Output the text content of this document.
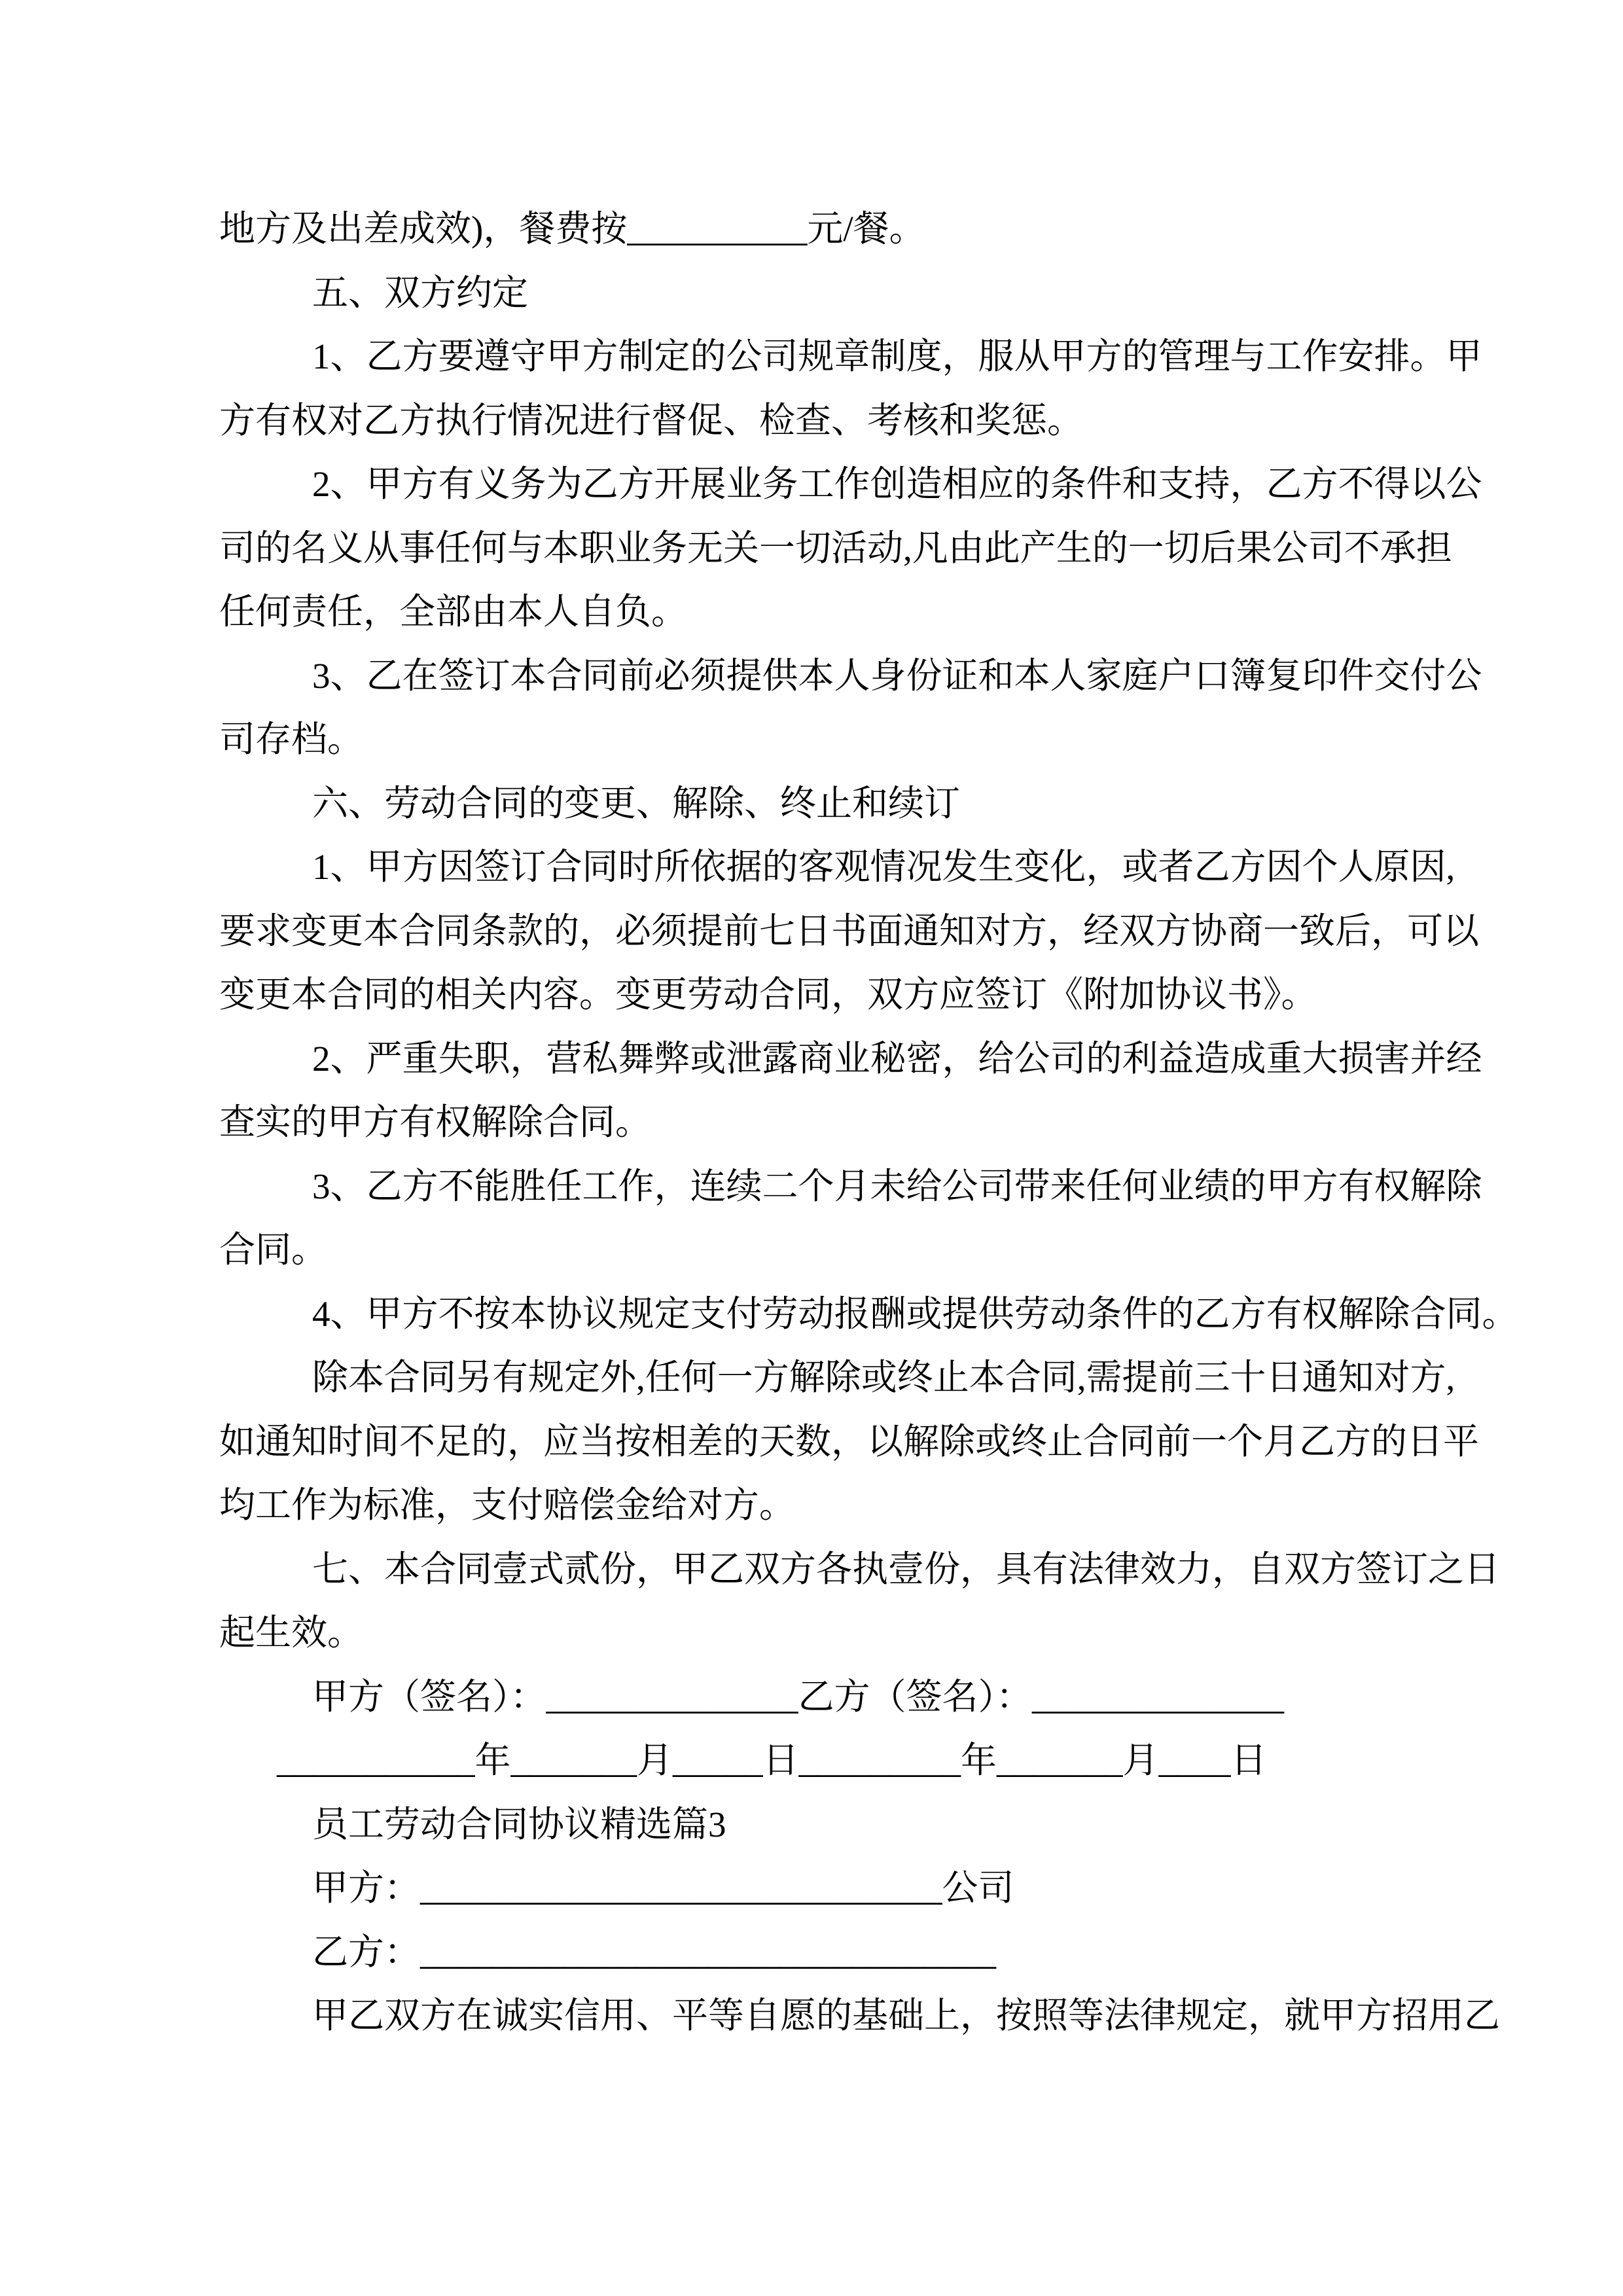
地方及出差成效)，餐费按__________元/餐。
五、双方约定
1、乙方要遵守甲方制定的公司规章制度，服从甲方的管理与工作安排。甲
方有权对乙方执行情况进行督促、检查、考核和奖惩。
2、甲方有义务为乙方开展业务工作创造相应的条件和支持，乙方不得以公
司的名义从事任何与本职业务无关一切活动,凡由此产生的一切后果公司不承担
任何责任，全部由本人自负。
3、乙在签订本合同前必须提供本人身份证和本人家庭户口簿复印件交付公
司存档。
六、劳动合同的变更、解除、终止和续订
1、甲方因签订合同时所依据的客观情况发生变化，或者乙方因个人原因,
要求变更本合同条款的，必须提前七日书面通知对方，经双方协商一致后，可以
变更本合同的相关内容。变更劳动合同，双方应签订《附加协议书》。
2、严重失职，营私舞弊或泄露商业秘密，给公司的利益造成重大损害并经
查实的甲方有权解除合同。
3、乙方不能胜任工作，连续二个月未给公司带来任何业绩的甲方有权解除
合同。
4、甲方不按本协议规定支付劳动报酬或提供劳动条件的乙方有权解除合同。
除本合同另有规定外,任何一方解除或终止本合同,需提前三十日通知对方,
如通知时间不足的，应当按相差的天数，以解除或终止合同前一个月乙方的日平
均工作为标准，支付赔偿金给对方。
七、本合同壹式贰份，甲乙双方各执壹份，具有法律效力，自双方签订之日
起生效。
甲方（签名）：______________乙方（签名）：______________
___________年_______月_____日_________年_______月____日
员工劳动合同协议精选篇3
甲方：_____________________________公司
乙方：________________________________
甲乙双方在诚实信用、平等自愿的基础上，按照等法律规定，就甲方招用乙
